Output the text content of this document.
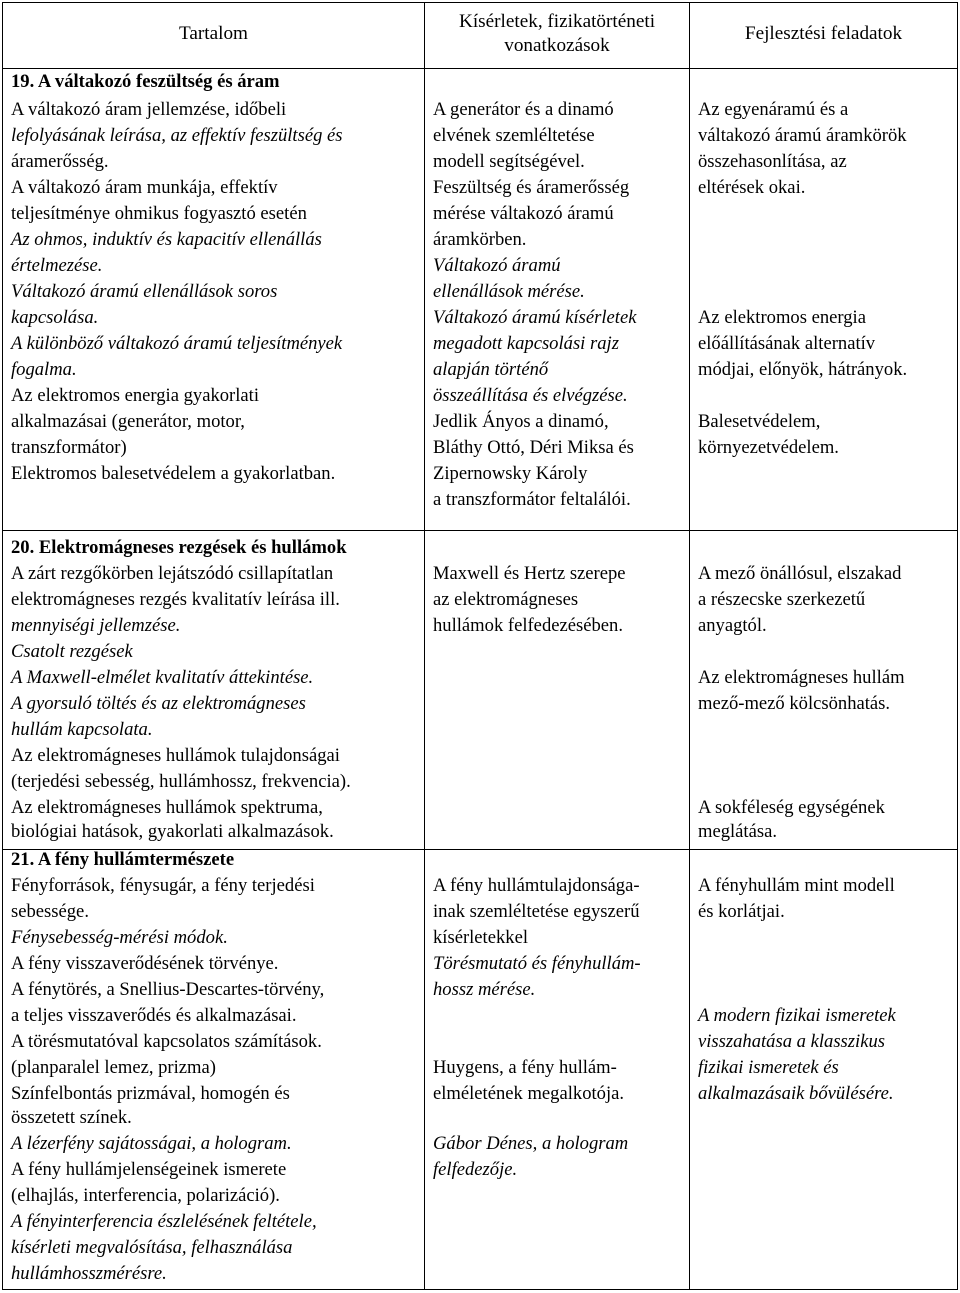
Tartalom
Kísérletek, fizikatörténeti
vonatkozások
Fejlesztési feladatok
19. A váltakozó feszültség és áram
A váltakozó áram jellemzése, időbeli
lefolyásának leírása, az effektív feszültség és
áramerősség.
A váltakozó áram munkája, effektív
teljesítménye ohmikus fogyasztó esetén
Az ohmos, induktív és kapacitív ellenállás
értelmezése.
Váltakozó áramú ellenállások soros
kapcsolása.
A különböző váltakozó áramú teljesítmények
fogalma.
Az elektromos energia gyakorlati
alkalmazásai (generátor, motor,
transzformátor)
Elektromos balesetvédelem a gyakorlatban.
20. Elektromágneses rezgések és hullámok
A zárt rezgőkörben lejátszódó csillapítatlan
elektromágneses rezgés kvalitatív leírása ill.
mennyiségi jellemzése.
Csatolt rezgések
A Maxwell-elmélet kvalitatív áttekintése.
A gyorsuló töltés és az elektromágneses
hullám kapcsolata.
Az elektromágneses hullámok tulajdonságai
(terjedési sebesség, hullámhossz, frekvencia).
Az elektromágneses hullámok spektruma,
biológiai hatások, gyakorlati alkalmazások.
21. A fény hullámtermészete
Fényforrások, fénysugár, a fény terjedési
sebessége.
Fénysebesség-mérési módok.
A fény visszaverődésének törvénye.
A fénytörés, a Snellius-Descartes-törvény,
a teljes visszaverődés és alkalmazásai.
A törésmutatóval kapcsolatos számítások.
(planparalel lemez, prizma)
Színfelbontás prizmával, homogén és
összetett színek.
A lézerfény sajátosságai, a hologram.
A fény hullámjelenségeinek ismerete
(elhajlás, interferencia, polarizáció).
A fényinterferencia észlelésének feltétele,
kísérleti megvalósítása, felhasználása
hullámhosszmérésre.
A generátor és a dinamó
elvének szemléltetése
modell segítségével.
Feszültség és áramerősség
mérése váltakozó áramú
áramkörben.
Váltakozó áramú
ellenállások mérése.
Váltakozó áramú kísérletek
megadott kapcsolási rajz
alapján történő
összeállítása és elvégzése.
Jedlik Ányos a dinamó,
Bláthy Ottó, Déri Miksa és
Zipernowsky Károly
a transzformátor feltalálói.
Maxwell és Hertz szerepe
az elektromágneses
hullámok felfedezésében.
A fény hullámtulajdonsága-
inak szemléltetése egyszerű
kísérletekkel
Törésmutató és fényhullám-
hossz mérése.
Huygens, a fény hullám-
elméletének megalkotója.
Gábor Dénes, a hologram
felfedezője.
Az egyenáramú és a
váltakozó áramú áramkörök
összehasonlítása, az
eltérések okai.
Az elektromos energia
előállításának alternatív
módjai, előnyök, hátrányok.
Balesetvédelem,
környezetvédelem.
A mező önállósul, elszakad
a részecske szerkezetű
anyagtól.
Az elektromágneses hullám
mező-mező kölcsönhatás.
A sokféleség egységének
meglátása.
A fényhullám mint modell
és korlátjai.
A modern fizikai ismeretek
visszahatása a klasszikus
fizikai ismeretek és
alkalmazásaik bővülésére.
